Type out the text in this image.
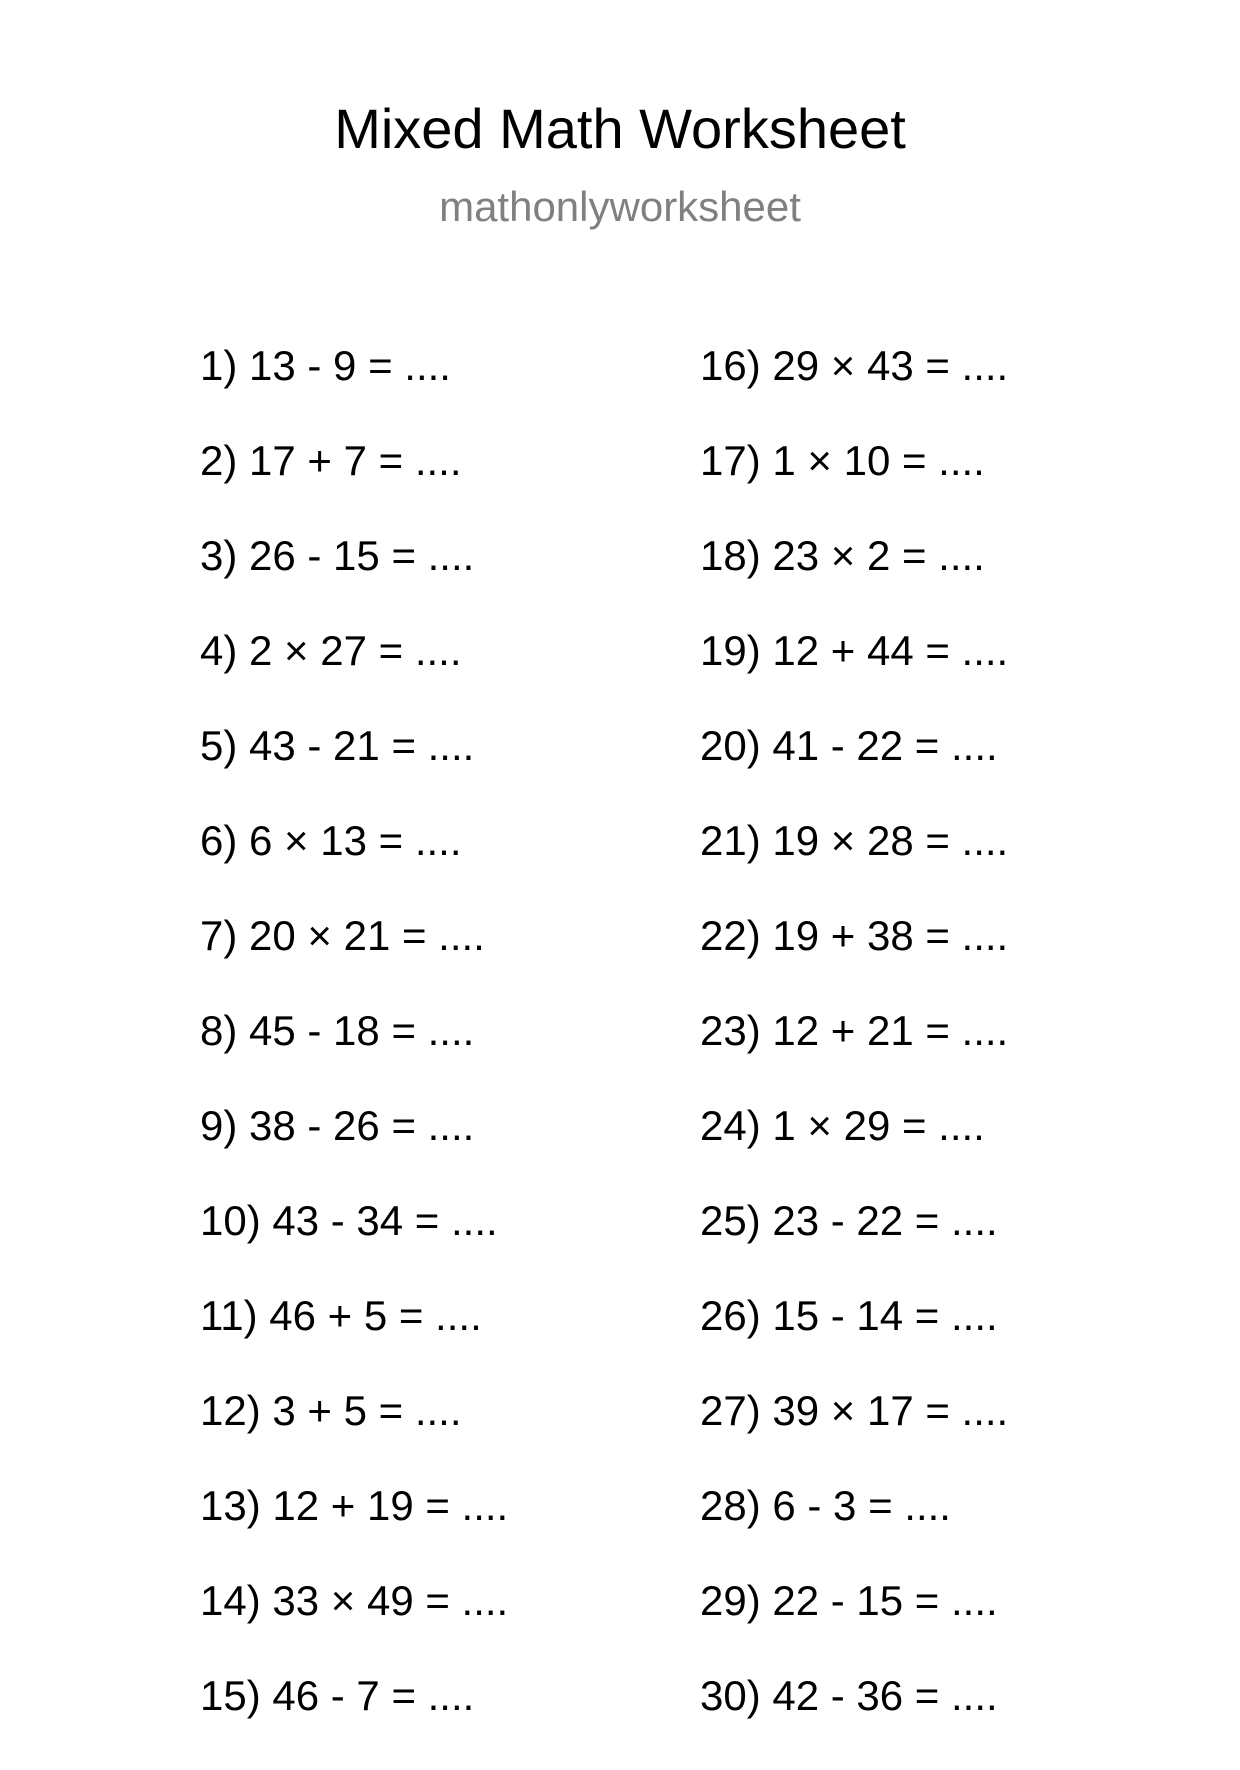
Mixed Math Worksheet
mathonlyworksheet
1) 13 - 9 = ....
2) 17 + 7 = ....
3) 26 - 15 = ....
4) 2 × 27 = ....
5) 43 - 21 = ....
6) 6 × 13 = ....
7) 20 × 21 = ....
8) 45 - 18 = ....
9) 38 - 26 = ....
10) 43 - 34 = ....
11) 46 + 5 = ....
12) 3 + 5 = ....
13) 12 + 19 = ....
14) 33 × 49 = ....
15) 46 - 7 = ....
16) 29 × 43 = ....
17) 1 × 10 = ....
18) 23 × 2 = ....
19) 12 + 44 = ....
20) 41 - 22 = ....
21) 19 × 28 = ....
22) 19 + 38 = ....
23) 12 + 21 = ....
24) 1 × 29 = ....
25) 23 - 22 = ....
26) 15 - 14 = ....
27) 39 × 17 = ....
28) 6 - 3 = ....
29) 22 - 15 = ....
30) 42 - 36 = ....
